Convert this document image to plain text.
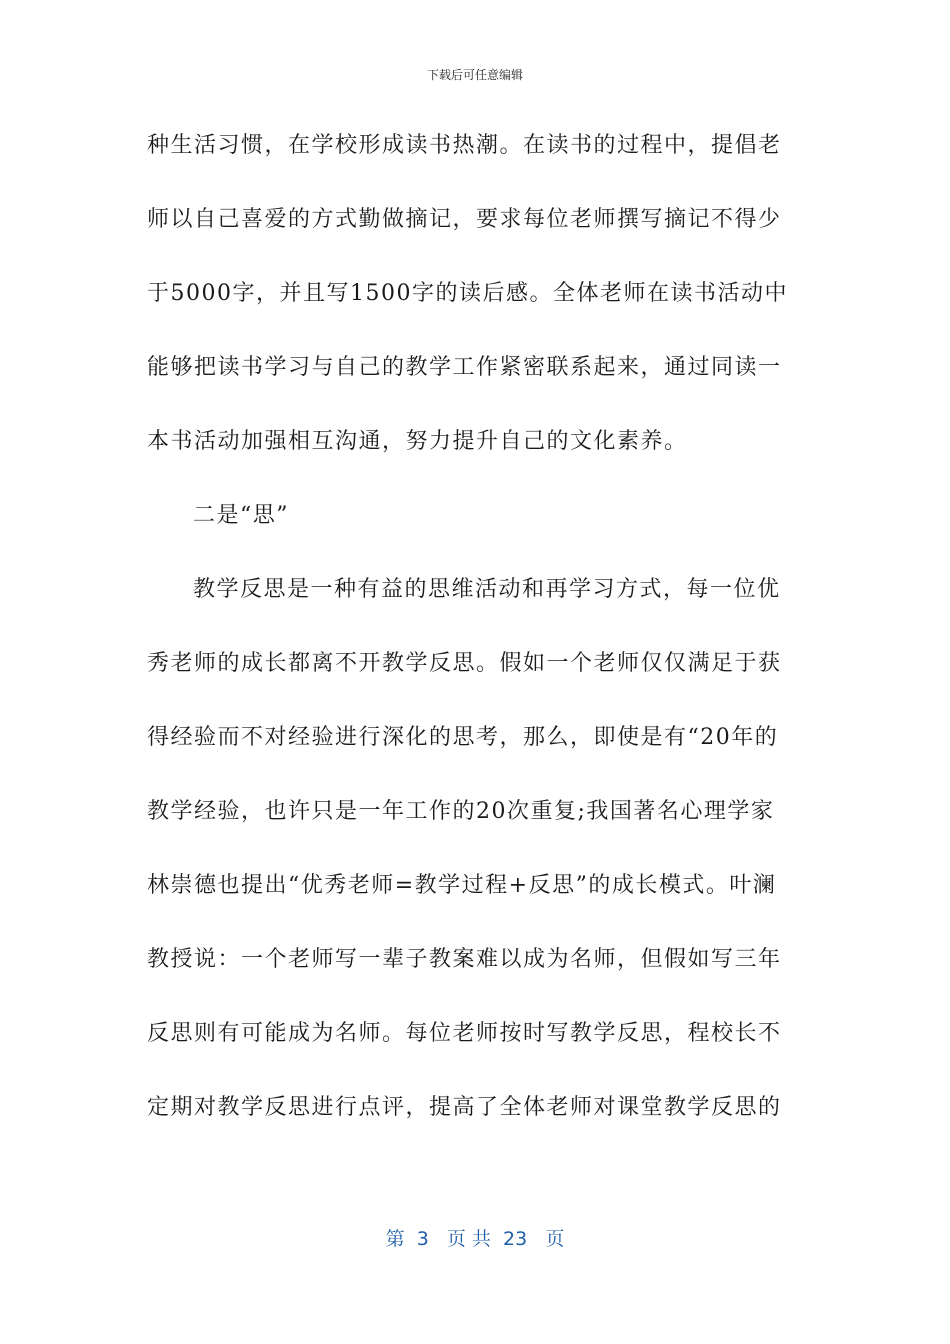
下载后可任意编辑
种生活习惯，在学校形成读书热潮。在读书的过程中，提倡老
师以自己喜爱的方式勤做摘记，要求每位老师撰写摘记不得少
于5000字，并且写1500字的读后感。全体老师在读书活动中
能够把读书学习与自己的教学工作紧密联系起来，通过同读一
本书活动加强相互沟通，努力提升自己的文化素养。
二是“思”
教学反思是一种有益的思维活动和再学习方式，每一位优
秀老师的成长都离不开教学反思。假如一个老师仅仅满足于获
得经验而不对经验进行深化的思考，那么，即使是有“20年的
教学经验，也许只是一年工作的20次重复;我国著名心理学家
林崇德也提出“优秀老师=教学过程+反思”的成长模式。叶澜
教授说：一个老师写一辈子教案难以成为名师，但假如写三年
反思则有可能成为名师。每位老师按时写教学反思，程校长不
定期对教学反思进行点评，提高了全体老师对课堂教学反思的
第  3   页 共  23   页
